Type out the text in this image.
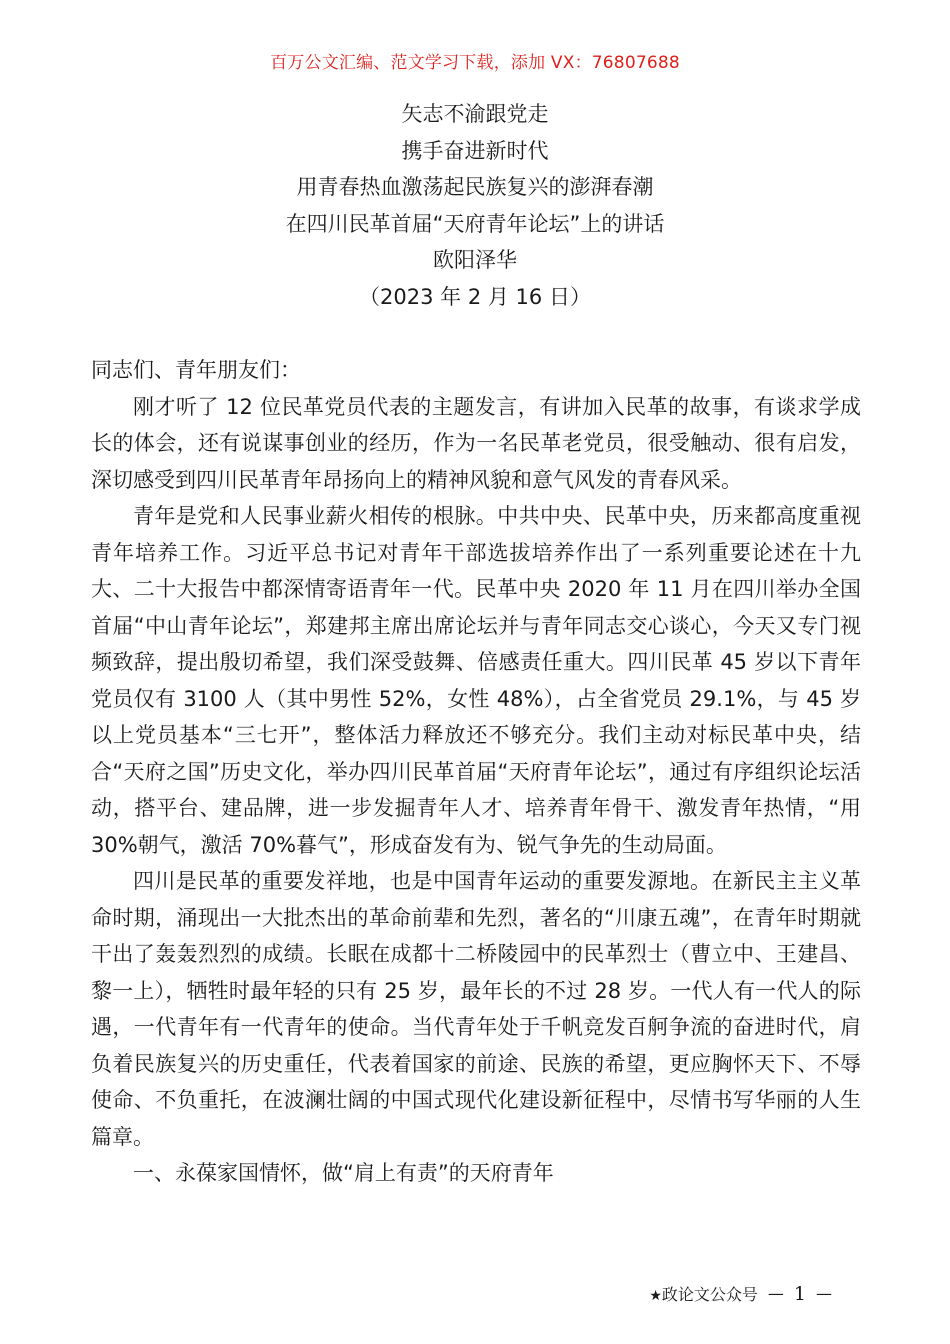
百万公文汇编、范文学习下载，添加 VX：76807688
矢志不渝跟党走
携手奋进新时代
用青春热血激荡起民族复兴的澎湃春潮
在四川民革首届“天府青年论坛”上的讲话
欧阳泽华
（2023 年 2 月 16 日）

同志们、青年朋友们：

刚才听了 12 位民革党员代表的主题发言，有讲加入民革的故事，有谈求学成长的体会，还有说谋事创业的经历，作为一名民革老党员，很受触动、很有启发，深切感受到四川民革青年昂扬向上的精神风貌和意气风发的青春风采。

青年是党和人民事业薪火相传的根脉。中共中央、民革中央，历来都高度重视青年培养工作。习近平总书记对青年干部选拔培养作出了一系列重要论述在十九大、二十大报告中都深情寄语青年一代。民革中央 2020 年 11 月在四川举办全国首届“中山青年论坛”，郑建邦主席出席论坛并与青年同志交心谈心，今天又专门视频致辞，提出殷切希望，我们深受鼓舞、倍感责任重大。四川民革 45 岁以下青年党员仅有 3100 人（其中男性 52%，女性 48%），占全省党员 29.1%，与 45 岁以上党员基本“三七开”，整体活力释放还不够充分。我们主动对标民革中央，结合“天府之国”历史文化，举办四川民革首届“天府青年论坛”，通过有序组织论坛活动，搭平台、建品牌，进一步发掘青年人才、培养青年骨干、激发青年热情，“用 30%朝气，激活 70%暮气”，形成奋发有为、锐气争先的生动局面。

四川是民革的重要发祥地，也是中国青年运动的重要发源地。在新民主主义革命时期，涌现出一大批杰出的革命前辈和先烈，著名的“川康五魂”，在青年时期就干出了轰轰烈烈的成绩。长眠在成都十二桥陵园中的民革烈士（曹立中、王建昌、黎一上），牺牲时最年轻的只有 25 岁，最年长的不过 28 岁。一代人有一代人的际遇，一代青年有一代青年的使命。当代青年处于千帆竞发百舸争流的奋进时代，肩负着民族复兴的历史重任，代表着国家的前途、民族的希望，更应胸怀天下、不辱使命、不负重托，在波澜壮阔的中国式现代化建设新征程中，尽情书写华丽的人生篇章。

一、永葆家国情怀，做“肩上有责”的天府青年

★政论文公众号 — 1 —
